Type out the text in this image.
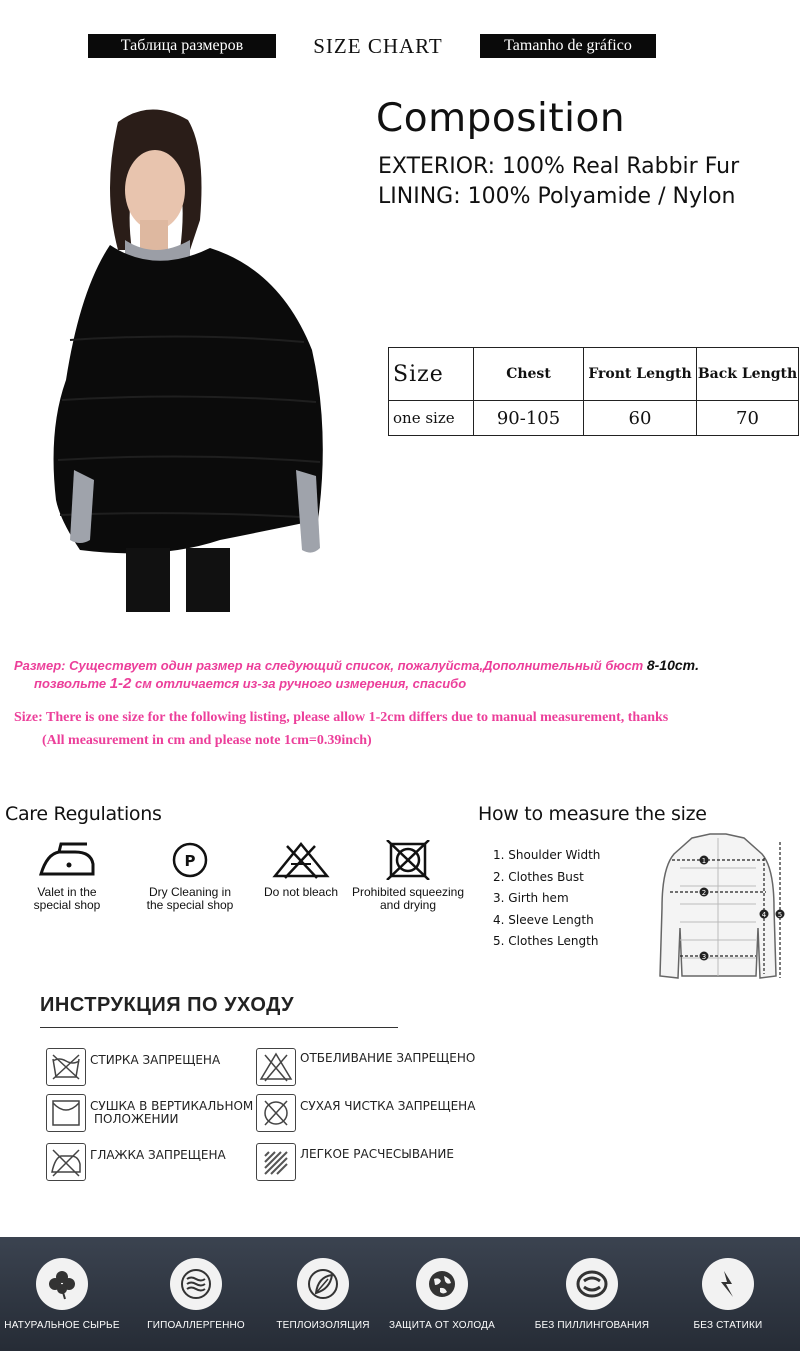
Таблица размеров	SIZE CHART	Tamanho de gráfico
Composition
EXTERIOR: 100% Real Rabbir Fur
LINING: 100% Polyamide / Nylon
Size	Chest	Front Length	Back Length
one size	90-105	60	70
Размер: Существует один размер на следующий список, пожалуйста,Дополнительный бюст 8-10cm.
позвольте 1-2 см отличается из-за ручного измерения, спасибо
Size: There is one size for the following listing, please allow 1-2cm differs due to manual measurement, thanks
(All measurement in cm and please note 1cm=0.39inch)
Care Regulations
Valet in the
special shop
P
Dry Cleaning in
the special shop
Do not bleach	Prohibited squeezing
and drying
How to measure the size
1. Shoulder Width
2. Clothes Bust
3. Girth hem
4. Sleeve Length
5. Clothes Length
1
2
3
4 5
ИНСТРУКЦИЯ ПО УХОДУ
СТИРКА ЗАПРЕЩЕНА
СУШКА В ВЕРТИКАЛЬНОМ
ПОЛОЖЕНИИ
ГЛАЖКА ЗАПРЕЩЕНА
ОТБЕЛИВАНИЕ ЗАПРЕЩЕНО
СУХАЯ ЧИСТКА ЗАПРЕЩЕНА
ЛЕГКОЕ РАСЧЕСЫВАНИЕ
НАТУРАЛЬНОЕ СЫРЬЕ	ГИПОАЛЛЕРГЕННО	ТЕПЛОИЗОЛЯЦИЯ	ЗАЩИТА ОТ ХОЛОДА	БЕЗ ПИЛЛИНГОВАНИЯ	БЕЗ СТАТИКИ
